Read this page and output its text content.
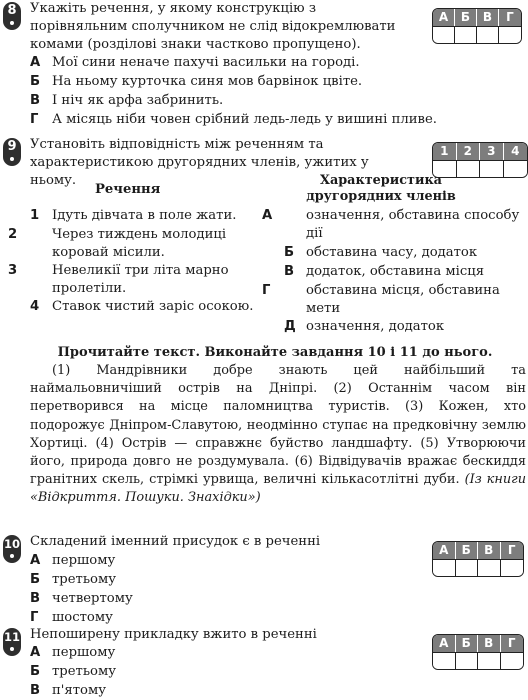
8	Укажіть речення, у якому конструкцію з порівняльним сполучником не слід відокремлювати комами (розділові знаки частково пропущено).
А Мої сини неначе пахучі васильки на городі.
Б На ньому курточка синя мов барвінок цвіте.
В І ніч як арфа забринить.
Г А місяць ніби човен срібний ледь-ледь у вишині пливе.
А	Б	В	Г
9	Установіть відповідність між реченням та характеристикою другорядних членів, ужитих у ньому.
1	2	3	4
Речення
Характеристика другорядних членів
1 Ідуть дівчата в поле жати.
2	Через тиждень молодиці коровай місили.
3	Невеликії три літа марно пролетіли.
4 Ставок чистий заріс осокою.
А	означення, обставина способу дії
Б обставина часу, додаток
В додаток, обставина місця
Г	обставина місця, обставина мети
Д означення, додаток
Прочитайте текст. Виконайте завдання 10 і 11 до нього.
(1) Мандрівники добре знають цей найбільший та наймальовничіший острів на Дніпрі. (2) Останнім часом він перетворився на місце паломництва туристів. (3) Кожен, хто подорожує Дніпром-Славутою, неодмінно ступає на предковічну землю Хортиці. (4) Острів — справжнє буйство ландшафту. (5) Утворюючи його, природа довго не роздумувала. (6) Відвідувачів вражає бескиддя гранітних скель, стрімкі урвища, величні кількасотлітні дуби. (Із книги «Відкриття. Пошуки. Знахідки»)
10 Складений іменний присудок є в реченні
А першому
Б третьому
В четвертому
Г шостому
А	Б	В	Г
11 Непоширену прикладку вжито в реченні
А першому
Б третьому
В п'ятому
А	Б	В	Г
